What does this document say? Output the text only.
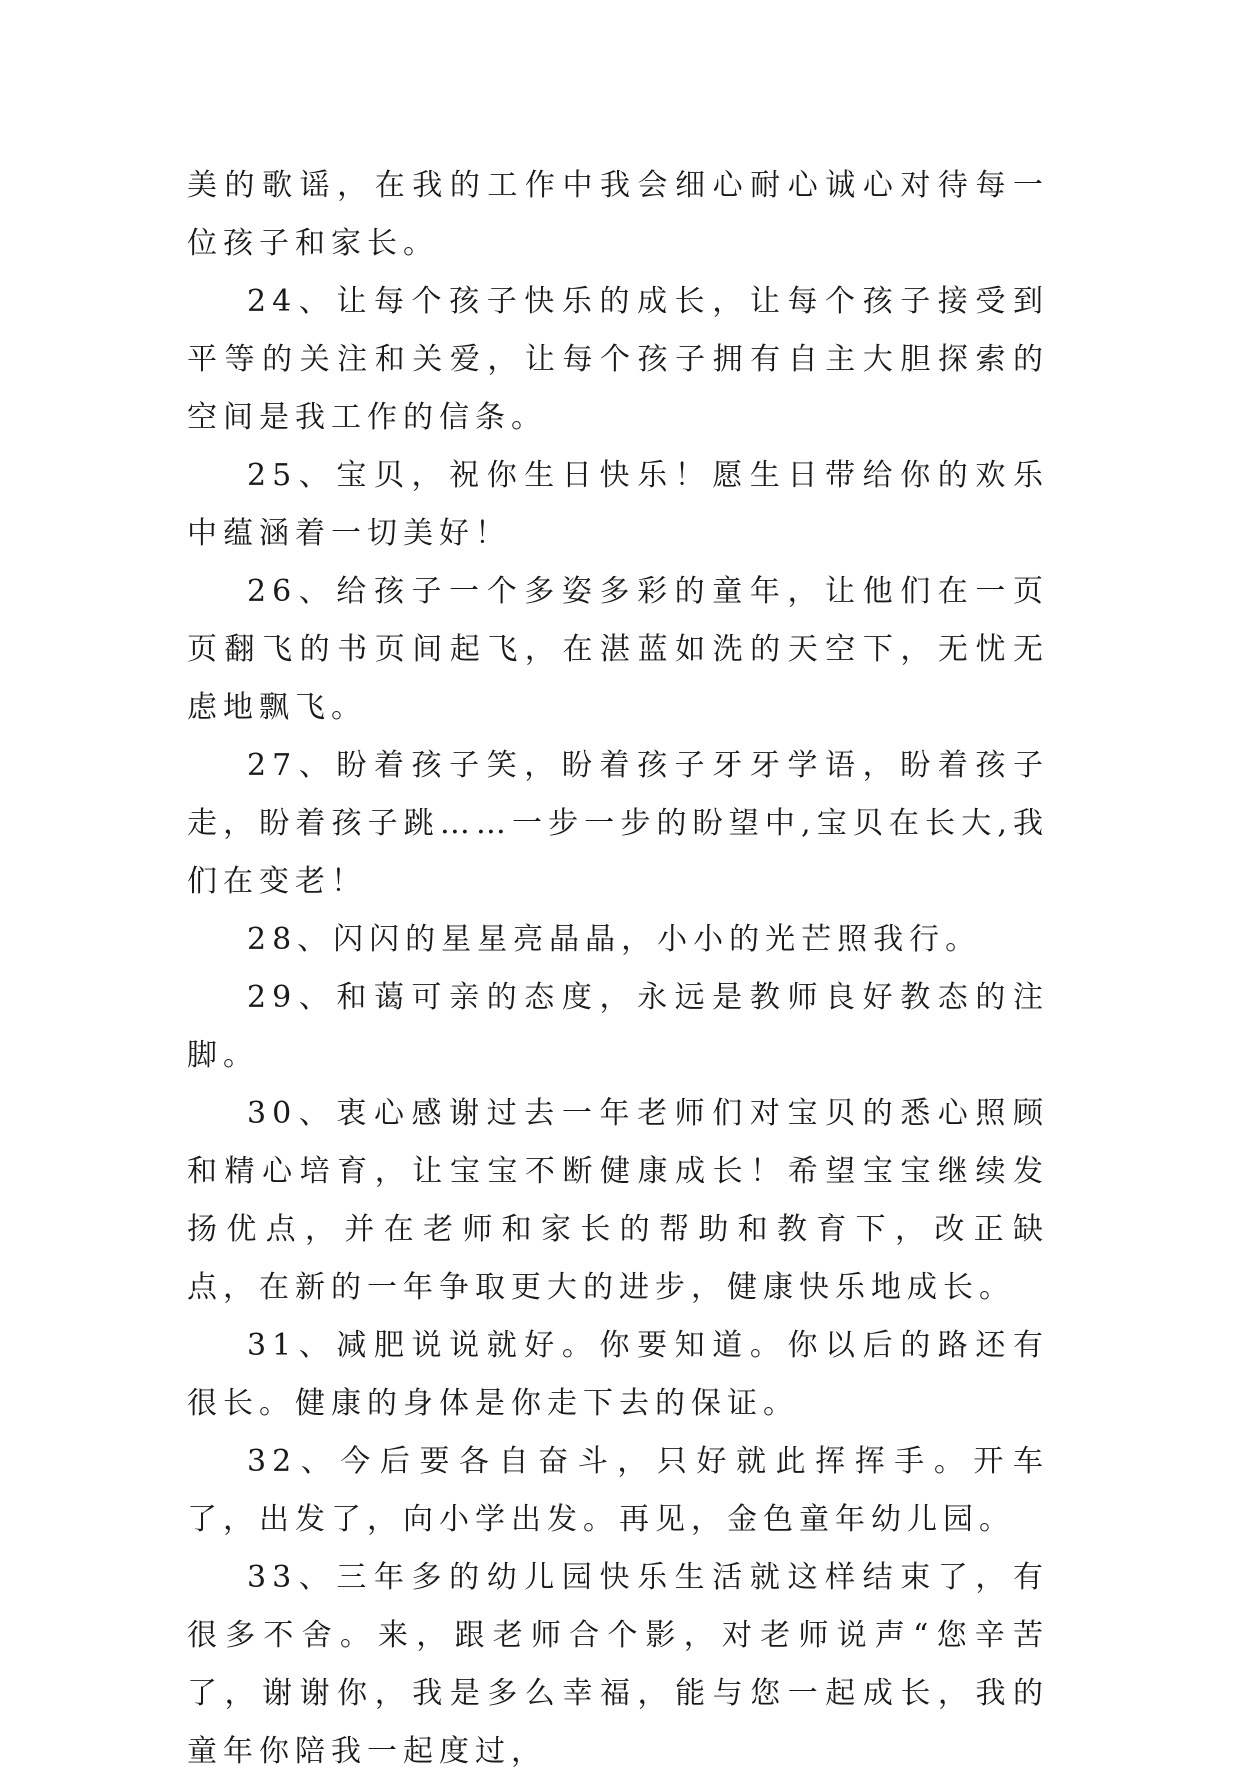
美的歌谣，在我的工作中我会细心耐心诚心对待每一位孩子和家长。

24、让每个孩子快乐的成长，让每个孩子接受到平等的关注和关爱，让每个孩子拥有自主大胆探索的空间是我工作的信条。

25、宝贝，祝你生日快乐！愿生日带给你的欢乐中蕴涵着一切美好！

26、给孩子一个多姿多彩的童年，让他们在一页页翻飞的书页间起飞，在湛蓝如洗的天空下，无忧无虑地飘飞。

27、盼着孩子笑，盼着孩子牙牙学语，盼着孩子走，盼着孩子跳……一步一步的盼望中,宝贝在长大,我们在变老！

28、闪闪的星星亮晶晶，小小的光芒照我行。

29、和蔼可亲的态度，永远是教师良好教态的注脚。

30、衷心感谢过去一年老师们对宝贝的悉心照顾和精心培育，让宝宝不断健康成长！希望宝宝继续发扬优点，并在老师和家长的帮助和教育下，改正缺点，在新的一年争取更大的进步，健康快乐地成长。

31、减肥说说就好。你要知道。你以后的路还有很长。健康的身体是你走下去的保证。

32、今后要各自奋斗，只好就此挥挥手。开车了，出发了，向小学出发。再见，金色童年幼儿园。

33、三年多的幼儿园快乐生活就这样结束了，有很多不舍。来，跟老师合个影，对老师说声“您辛苦了，谢谢你，我是多么幸福，能与您一起成长，我的童年你陪我一起度过，
